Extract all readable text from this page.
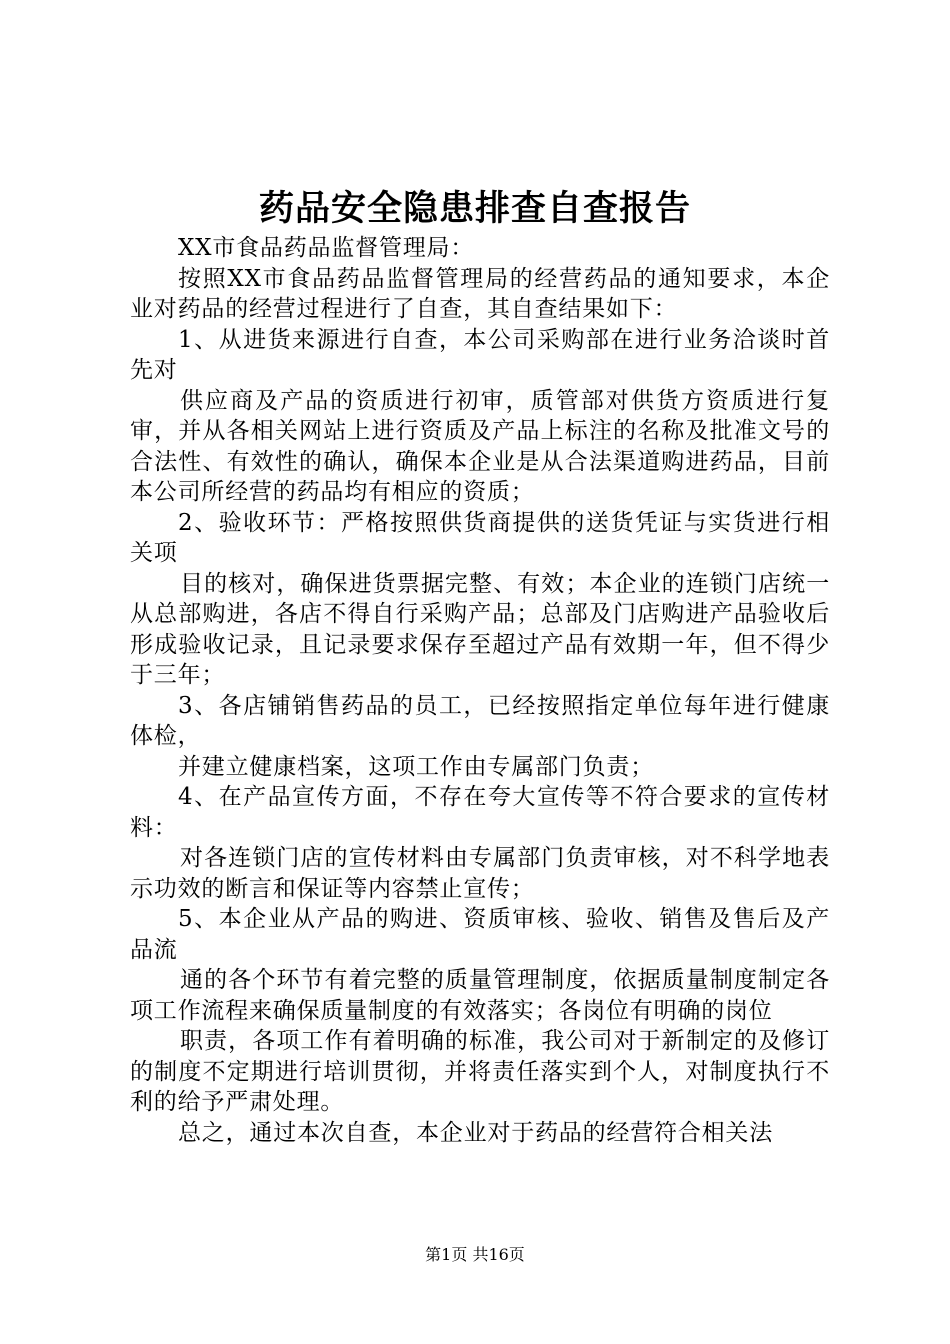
药品安全隐患排查自查报告

XX市食品药品监督管理局：

按照XX市食品药品监督管理局的经营药品的通知要求，本企业对药品的经营过程进行了自查，其自查结果如下：

1、从进货来源进行自查，本公司采购部在进行业务洽谈时首先对

供应商及产品的资质进行初审，质管部对供货方资质进行复审，并从各相关网站上进行资质及产品上标注的名称及批准文号的合法性、有效性的确认，确保本企业是从合法渠道购进药品，目前本公司所经营的药品均有相应的资质；

2、验收环节：严格按照供货商提供的送货凭证与实货进行相关项

目的核对，确保进货票据完整、有效；本企业的连锁门店统一从总部购进，各店不得自行采购产品；总部及门店购进产品验收后形成验收记录，且记录要求保存至超过产品有效期一年，但不得少于三年；

3、各店铺销售药品的员工，已经按照指定单位每年进行健康体检，

并建立健康档案，这项工作由专属部门负责；

4、在产品宣传方面，不存在夸大宣传等不符合要求的宣传材料：

对各连锁门店的宣传材料由专属部门负责审核，对不科学地表示功效的断言和保证等内容禁止宣传；

5、本企业从产品的购进、资质审核、验收、销售及售后及产品流

通的各个环节有着完整的质量管理制度，依据质量制度制定各项工作流程来确保质量制度的有效落实；各岗位有明确的岗位

职责，各项工作有着明确的标准，我公司对于新制定的及修订的制度不定期进行培训贯彻，并将责任落实到个人，对制度执行不利的给予严肃处理。

总之，通过本次自查，本企业对于药品的经营符合相关法

第1页 共16页
